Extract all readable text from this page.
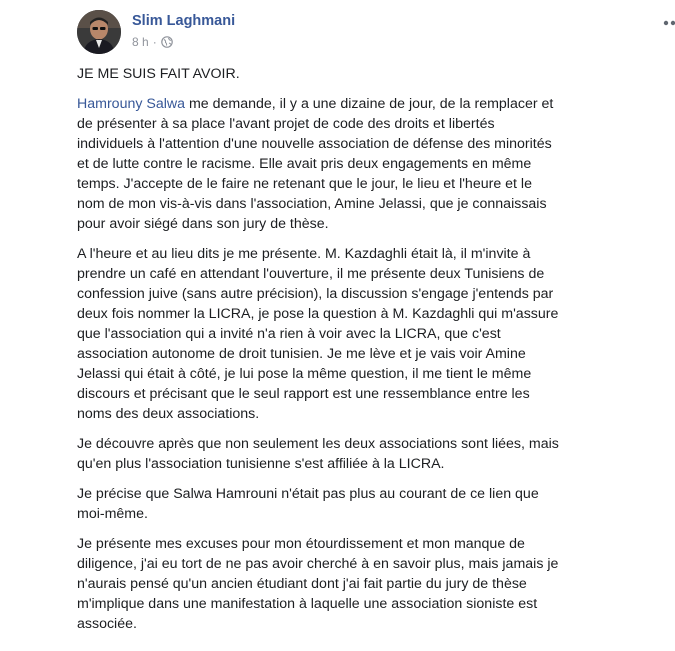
Slim Laghmani
8 h ·

JE ME SUIS FAIT AVOIR.

Hamrouny Salwa me demande, il y a une dizaine de jour, de la remplacer et
de présenter à sa place l'avant projet de code des droits et libertés
individuels à l'attention d'une nouvelle association de défense des minorités
et de lutte contre le racisme. Elle avait pris deux engagements en même
temps. J'accepte de le faire ne retenant que le jour, le lieu et l'heure et le
nom de mon vis-à-vis dans l'association, Amine Jelassi, que je connaissais
pour avoir siégé dans son jury de thèse.

A l'heure et au lieu dits je me présente. M. Kazdaghli était là, il m'invite à
prendre un café en attendant l'ouverture, il me présente deux Tunisiens de
confession juive (sans autre précision), la discussion s'engage j'entends par
deux fois nommer la LICRA, je pose la question à M. Kazdaghli qui m'assure
que l'association qui a invité n'a rien à voir avec la LICRA, que c'est
association autonome de droit tunisien. Je me lève et je vais voir Amine
Jelassi qui était à côté, je lui pose la même question, il me tient le même
discours et précisant que le seul rapport est une ressemblance entre les
noms des deux associations.

Je découvre après que non seulement les deux associations sont liées, mais
qu'en plus l'association tunisienne s'est affiliée à la LICRA.

Je précise que Salwa Hamrouni n'était pas plus au courant de ce lien que
moi-même.

Je présente mes excuses pour mon étourdissement et mon manque de
diligence, j'ai eu tort de ne pas avoir cherché à en savoir plus, mais jamais je
n'aurais pensé qu'un ancien étudiant dont j'ai fait partie du jury de thèse
m'implique dans une manifestation à laquelle une association sioniste est
associée.
